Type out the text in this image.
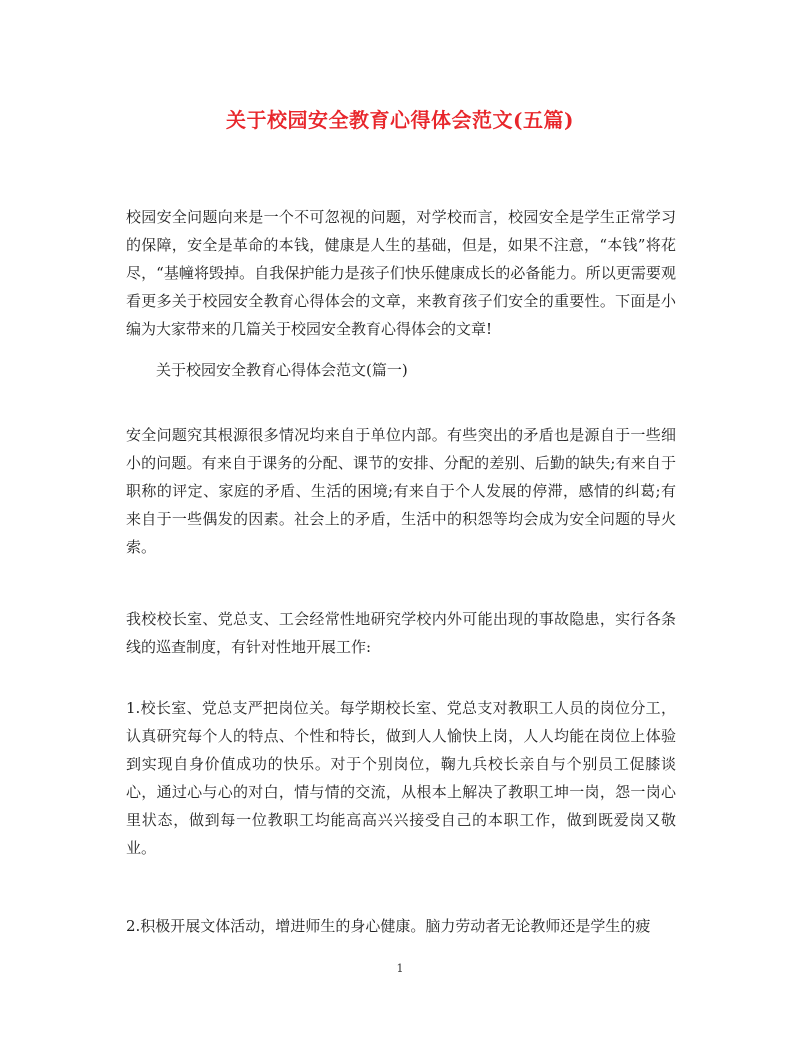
关于校园安全教育心得体会范文(五篇)

校园安全问题向来是一个不可忽视的问题，对学校而言，校园安全是学生正常学习的保障，安全是革命的本钱，健康是人生的基础，但是，如果不注意，“本钱”将花尽，“基幢将毁掉。自我保护能力是孩子们快乐健康成长的必备能力。所以更需要观看更多关于校园安全教育心得体会的文章，来教育孩子们安全的重要性。下面是小编为大家带来的几篇关于校园安全教育心得体会的文章!

关于校园安全教育心得体会范文(篇一)

安全问题究其根源很多情况均来自于单位内部。有些突出的矛盾也是源自于一些细小的问题。有来自于课务的分配、课节的安排、分配的差别、后勤的缺失;有来自于职称的评定、家庭的矛盾、生活的困境;有来自于个人发展的停滞，感情的纠葛;有来自于一些偶发的因素。社会上的矛盾，生活中的积怨等均会成为安全问题的导火索。

我校校长室、党总支、工会经常性地研究学校内外可能出现的事故隐患，实行各条线的巡查制度，有针对性地开展工作:

1.校长室、党总支严把岗位关。每学期校长室、党总支对教职工人员的岗位分工，认真研究每个人的特点、个性和特长，做到人人愉快上岗，人人均能在岗位上体验到实现自身价值成功的快乐。对于个别岗位，鞠九兵校长亲自与个别员工促膝谈心，通过心与心的对白，情与情的交流，从根本上解决了教职工坤一岗，怨一岗心里状态，做到每一位教职工均能高高兴兴接受自己的本职工作，做到既爱岗又敬业。

2.积极开展文体活动，增进师生的身心健康。脑力劳动者无论教师还是学生的疲

1
